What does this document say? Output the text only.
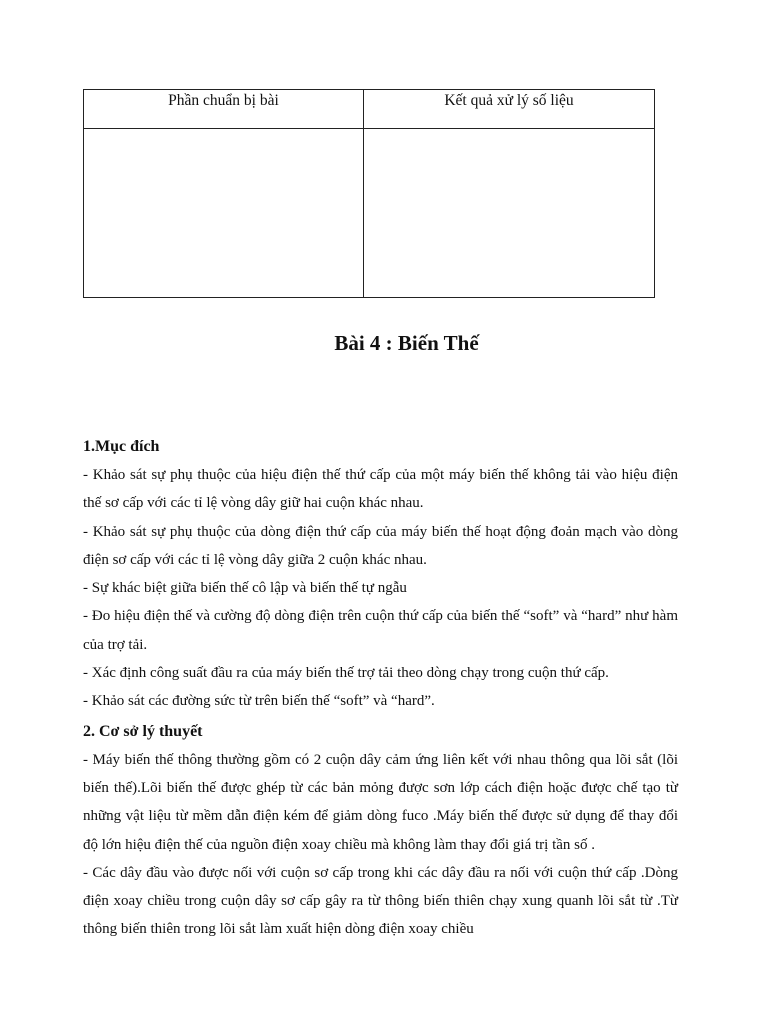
Phần chuẩn bị bài	Kết quả xử lý số liệu

Bài 4 : Biến Thế
1.Mục đích

- Khảo sát sự phụ thuộc của hiệu điện thế thứ cấp của một máy biến thế không tải vào hiệu điện thế sơ cấp với các tỉ lệ vòng dây giữ hai cuộn khác nhau.

- Khảo sát sự phụ thuộc của dòng điện thứ cấp của máy biến thế hoạt động đoản mạch vào dòng điện sơ cấp với các tỉ lệ vòng dây giữa 2 cuộn khác nhau.

- Sự khác biệt giữa biến thế cô lập và biến thế tự ngẫu

- Đo hiệu điện thế và cường độ dòng điện trên cuộn thứ cấp của biến thế “soft” và “hard” như hàm của trợ tải.

- Xác định công suất đầu ra của máy biến thế trợ tải theo dòng chạy trong cuộn thứ cấp.

- Khảo sát các đường sức từ trên biến thế “soft” và “hard”.

2. Cơ sở lý thuyết

- Máy biến thế thông thường gồm có 2 cuộn dây cảm ứng liên kết với nhau thông qua lõi sắt (lõi biến thế).Lõi biến thế được ghép từ các bản mỏng được sơn lớp cách điện hoặc được chế tạo từ những vật liệu từ mềm dẫn điện kém để giảm dòng fuco .Máy biến thế được sử dụng để thay đổi độ lớn hiệu điện thế của nguồn điện xoay chiều mà không làm thay đổi giá trị tần số .

- Các dây đầu vào được nối với cuộn sơ cấp trong khi các dây đầu ra nối với cuộn thứ cấp .Dòng điện xoay chiều trong cuộn dây sơ cấp gây ra từ thông biến thiên chạy xung quanh lõi sắt từ .Từ thông biến thiên trong lõi sắt làm xuất hiện dòng điện xoay chiều
